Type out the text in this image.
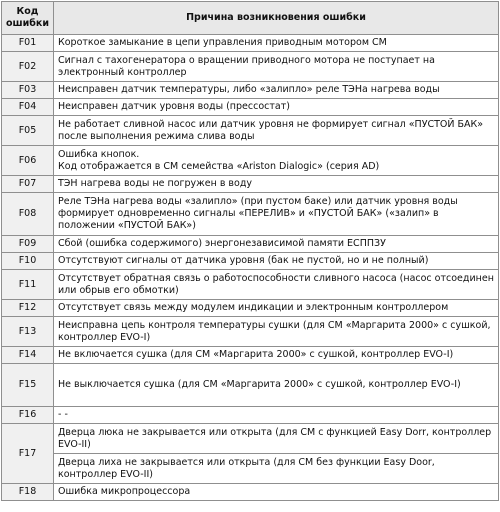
Код
ошибки	Причина возникновения ошибки
F01	Короткое замыкание в цепи управления приводным мотором СМ

F02	Сигнал с тахогенератора о вращении приводного мотора не поступает на электронный контроллер

F03	Неисправен датчик температуры, либо «залипло» реле ТЭНа нагрева воды

F04	Неисправен датчик уровня воды (прессостат)

F05	Не работает сливной насос или датчик уровня не формирует сигнал «ПУСТОЙ БАК» после выполнения режима слива воды

F06	Ошибка кнопок.
Код отображается в СМ семейства «Ariston Dialogic» (серия AD)

F07	ТЭН нагрева воды не погружен в воду

F08	Реле ТЭНа нагрева воды «залипло» (при пустом баке) или датчик уровня воды формирует одновременно сигналы «ПЕРЕЛИВ» и «ПУСТОЙ БАК» («залип» в положении «ПУСТОЙ БАК»)

F09	Сбой (ошибка содержимого) энергонезависимой памяти ЕСППЗУ

F10	Отсутствуют сигналы от датчика уровня (бак не пустой, но и не полный)

F11	Отсутствует обратная связь о работоспособности сливного насоса (насос отсоединен или обрыв его обмотки)

F12	Отсутствует связь между модулем индикации и электронным контроллером

F13	Неисправна цепь контроля температуры сушки (для СМ «Маргарита 2000» с сушкой, контроллер EVO-I)

F14	Не включается сушка (для СМ «Маргарита 2000» с сушкой, контроллер EVO-I)

F15	Не выключается сушка (для СМ «Маргарита 2000» с сушкой, контроллер EVO-I)

F16	- -

F17	Дверца люка не закрывается или открыта (для СМ с функцией Easy Dorr, контроллер EVO-II)

	Дверца лиха не закрывается или открыта (для СМ без функции Easy Door, контроллер EVO-II)

F18	Ошибка микропроцессора
